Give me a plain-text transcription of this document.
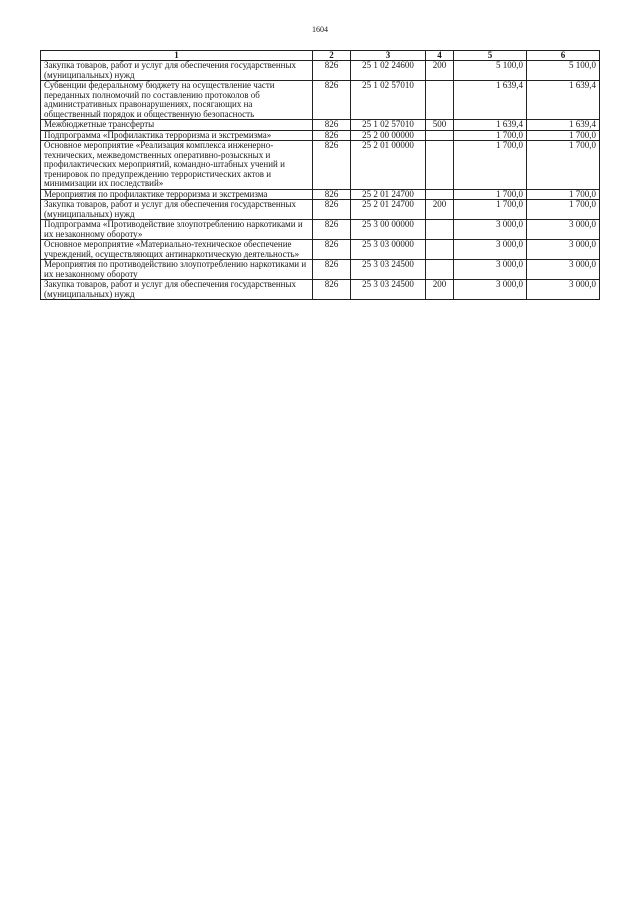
1604
1	2	3	4	5	6
Закупка товаров, работ и услуг для обеспечения государственных (муниципальных) нужд	826	25 1 02 24600	200	5 100,0	5 100,0
Субвенции федеральному бюджету на осуществление части переданных полномочий по составлению протоколов об административных правонарушениях, посягающих на общественный порядок и общественную безопасность	826	25 1 02 57010		1 639,4	1 639,4
Межбюджетные трансферты	826	25 1 02 57010	500	1 639,4	1 639,4
Подпрограмма «Профилактика терроризма и экстремизма»	826	25 2 00 00000		1 700,0	1 700,0
Основное мероприятие «Реализация комплекса инженерно-технических, межведомственных оперативно-розыскных и профилактических мероприятий, командно-штабных учений и тренировок по предупреждению террористических актов и минимизации их последствий»	826	25 2 01 00000		1 700,0	1 700,0
Мероприятия по профилактике терроризма и экстремизма	826	25 2 01 24700		1 700,0	1 700,0
Закупка товаров, работ и услуг для обеспечения государственных (муниципальных) нужд	826	25 2 01 24700	200	1 700,0	1 700,0
Подпрограмма «Противодействие злоупотреблению наркотиками и их незаконному обороту»	826	25 3 00 00000		3 000,0	3 000,0
Основное мероприятие «Материально-техническое обеспечение учреждений, осуществляющих антинаркотическую деятельность»	826	25 3 03 00000		3 000,0	3 000,0
Мероприятия по противодействию злоупотреблению наркотиками и их незаконному обороту	826	25 3 03 24500		3 000,0	3 000,0
Закупка товаров, работ и услуг для обеспечения государственных (муниципальных) нужд	826	25 3 03 24500	200	3 000,0	3 000,0
